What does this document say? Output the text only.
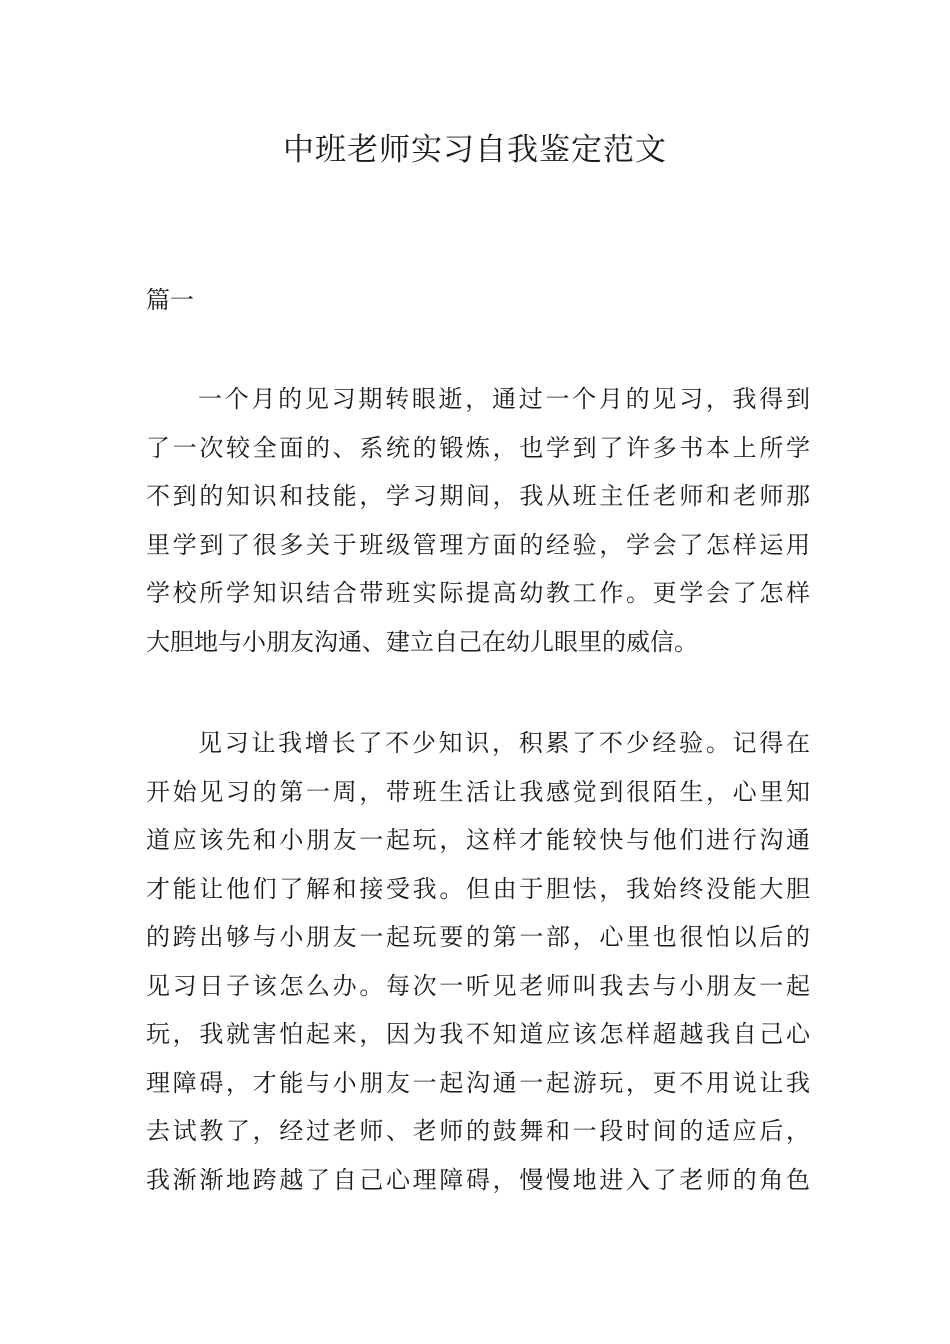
中班老师实习自我鉴定范文
篇一
一个月的见习期转眼逝，通过一个月的见习，我得到
了一次较全面的、系统的锻炼，也学到了许多书本上所学
不到的知识和技能，学习期间，我从班主任老师和老师那
里学到了很多关于班级管理方面的经验，学会了怎样运用
学校所学知识结合带班实际提高幼教工作。更学会了怎样
大胆地与小朋友沟通、建立自己在幼儿眼里的威信。
见习让我增长了不少知识，积累了不少经验。记得在
开始见习的第一周，带班生活让我感觉到很陌生，心里知
道应该先和小朋友一起玩，这样才能较快与他们进行沟通
才能让他们了解和接受我。但由于胆怯，我始终没能大胆
的跨出够与小朋友一起玩要的第一部，心里也很怕以后的
见习日子该怎么办。每次一听见老师叫我去与小朋友一起
玩，我就害怕起来，因为我不知道应该怎样超越我自己心
理障碍，才能与小朋友一起沟通一起游玩，更不用说让我
去试教了，经过老师、老师的鼓舞和一段时间的适应后，
我渐渐地跨越了自己心理障碍，慢慢地进入了老师的角色
